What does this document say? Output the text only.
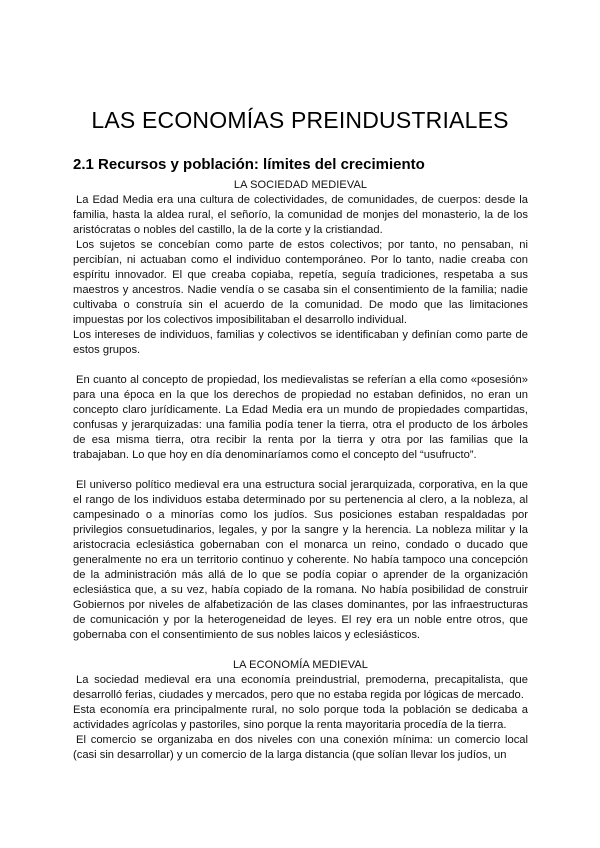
LAS ECONOMÍAS PREINDUSTRIALES
2.1 Recursos y población: límites del crecimiento

LA SOCIEDAD MEDIEVAL

La Edad Media era una cultura de colectividades, de comunidades, de cuerpos: desde la familia, hasta la aldea rural, el señorío, la comunidad de monjes del monasterio, la de los aristócratas o nobles del castillo, la de la corte y la cristiandad.

Los sujetos se concebían como parte de estos colectivos; por tanto, no pensaban, ni percibían, ni actuaban como el individuo contemporáneo. Por lo tanto, nadie creaba con espíritu innovador. El que creaba copiaba, repetía, seguía tradiciones, respetaba a sus maestros y ancestros. Nadie vendía o se casaba sin el consentimiento de la familia; nadie cultivaba o construía sin el acuerdo de la comunidad. De modo que las limitaciones impuestas por los colectivos imposibilitaban el desarrollo individual.

Los intereses de individuos, familias y colectivos se identificaban y definían como parte de estos grupos.

En cuanto al concepto de propiedad, los medievalistas se referían a ella como «posesión» para una época en la que los derechos de propiedad no estaban definidos, no eran un concepto claro jurídicamente. La Edad Media era un mundo de propiedades compartidas, confusas y jerarquizadas: una familia podía tener la tierra, otra el producto de los árboles de esa misma tierra, otra recibir la renta por la tierra y otra por las familias que la trabajaban. Lo que hoy en día denominaríamos como el concepto del “usufructo”.

El universo político medieval era una estructura social jerarquizada, corporativa, en la que el rango de los individuos estaba determinado por su pertenencia al clero, a la nobleza, al campesinado o a minorías como los judíos. Sus posiciones estaban respaldadas por privilegios consuetudinarios, legales, y por la sangre y la herencia. La nobleza militar y la aristocracia eclesiástica gobernaban con el monarca un reino, condado o ducado que generalmente no era un territorio continuo y coherente. No había tampoco una concepción de la administración más allá de lo que se podía copiar o aprender de la organización eclesiástica que, a su vez, había copiado de la romana. No había posibilidad de construir Gobiernos por niveles de alfabetización de las clases dominantes, por las infraestructuras de comunicación y por la heterogeneidad de leyes. El rey era un noble entre otros, que gobernaba con el consentimiento de sus nobles laicos y eclesiásticos.

LA ECONOMÍA MEDIEVAL

La sociedad medieval era una economía preindustrial, premoderna, precapitalista, que desarrolló ferias, ciudades y mercados, pero que no estaba regida por lógicas de mercado.

Esta economía era principalmente rural, no solo porque toda la población se dedicaba a actividades agrícolas y pastoriles, sino porque la renta mayoritaria procedía de la tierra.

El comercio se organizaba en dos niveles con una conexión mínima: un comercio local (casi sin desarrollar) y un comercio de la larga distancia (que solían llevar los judíos, un
